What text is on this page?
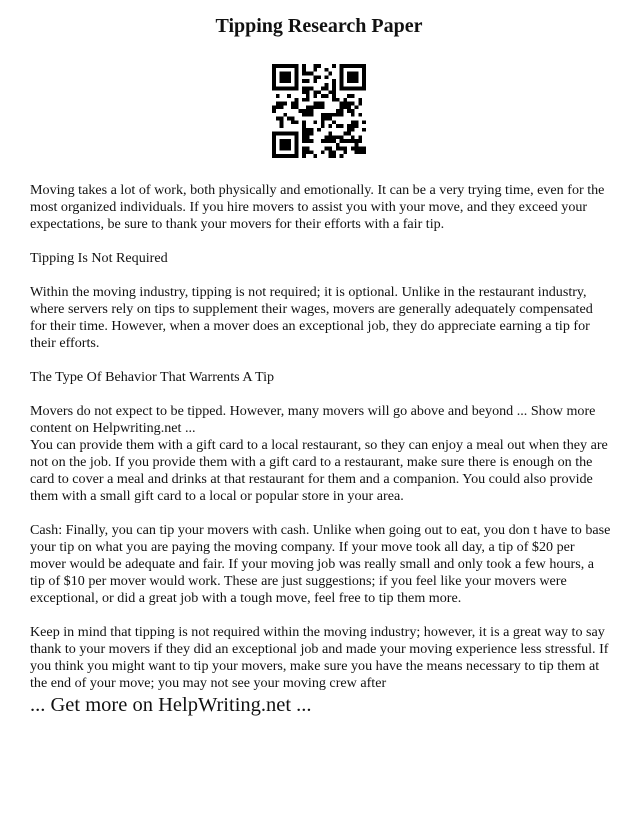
Tipping Research Paper

Moving takes a lot of work, both physically and emotionally. It can be a very trying time, even for the most organized individuals. If you hire movers to assist you with your move, and they exceed your expectations, be sure to thank your movers for their efforts with a fair tip.

Tipping Is Not Required

Within the moving industry, tipping is not required; it is optional. Unlike in the restaurant industry, where servers rely on tips to supplement their wages, movers are generally adequately compensated for their time. However, when a mover does an exceptional job, they do appreciate earning a tip for their efforts.

The Type Of Behavior That Warrents A Tip

Movers do not expect to be tipped. However, many movers will go above and beyond ... Show more content on Helpwriting.net ...

You can provide them with a gift card to a local restaurant, so they can enjoy a meal out when they are not on the job. If you provide them with a gift card to a restaurant, make sure there is enough on the card to cover a meal and drinks at that restaurant for them and a companion. You could also provide them with a small gift card to a local or popular store in your area.

Cash: Finally, you can tip your movers with cash. Unlike when going out to eat, you don t have to base your tip on what you are paying the moving company. If your move took all day, a tip of $20 per mover would be adequate and fair. If your moving job was really small and only took a few hours, a tip of $10 per mover would work. These are just suggestions; if you feel like your movers were exceptional, or did a great job with a tough move, feel free to tip them more.

Keep in mind that tipping is not required within the moving industry; however, it is a great way to say thank to your movers if they did an exceptional job and made your moving experience less stressful. If you think you might want to tip your movers, make sure you have the means necessary to tip them at the end of your move; you may not see your moving crew after

... Get more on HelpWriting.net ...
